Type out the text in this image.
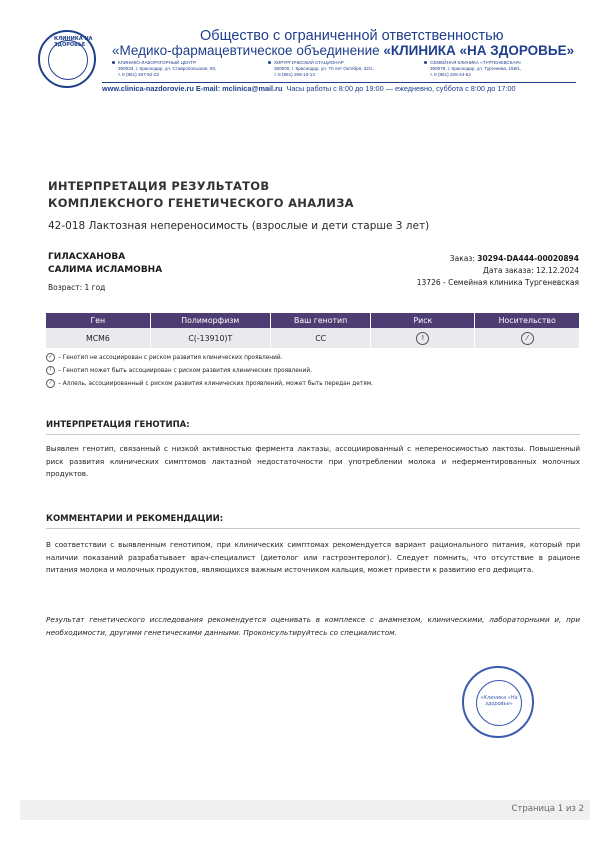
КЛИНИКА НА ЗДОРОВЬЕ
Общество с ограниченной ответственностью
«Медико-фармацевтическое объединение «КЛИНИКА «НА ЗДОРОВЬЕ»
КЛИНИКО-ЛАБОРАТОРНЫЙ ЦЕНТР
350033, г. Краснодар, ул. Ставропольская, 80,
т. 8 (861) 267-92-22
ХИРУРГИЧЕСКИЙ СТАЦИОНАР
350000, г. Краснодар, ул. 70 лет Октября, 32/1,
т. 8 (861) 268-10-13
СЕМЕЙНАЯ КЛИНИКА «ТУРГЕНЕВСКАЯ»
350078, г. Краснодар, ул. Тургенева, 158/1,
т. 8 (861) 225-44-62
www.clinica-nazdorovie.ru E-mail: mclinica@mail.ru Часы работы с 8:00 до 19:00 — ежедневно, суббота с 8:00 до 17:00
ИНТЕРПРЕТАЦИЯ РЕЗУЛЬТАТОВ
КОМПЛЕКСНОГО ГЕНЕТИЧЕСКОГО АНАЛИЗА
42-018 Лактозная непереносимость (взрослые и дети старше 3 лет)
ГИЛАСХАНОВА
САЛИМА ИСЛАМОВНА
Возраст: 1 год
Заказ: 30294-DA444-00020894
Дата заказа: 12.12.2024
13726 - Семейная клиника Тургеневская
Ген	Полиморфизм	Ваш генотип	Риск	Носительство
MCM6	C(-13910)T	CC	!	⁄
✓ – Генотип не ассоциирован с риском развития клинических проявлений.
! – Генотип может быть ассоциирован с риском развития клинических проявлений.
⁄ – Аллель, ассоциированный с риском развития клинических проявлений, может быть передан детям.
ИНТЕРПРЕТАЦИЯ ГЕНОТИПА:
Выявлен генотип, связанный с низкой активностью фермента лактазы, ассоциированный с непереносимостью лактозы. Повышенный риск развития клинических симптомов лактазной недостаточности при употреблении молока и неферментированных молочных продуктов.
КОММЕНТАРИИ И РЕКОМЕНДАЦИИ:
В соответствии с выявленным генотипом, при клинических симптомах рекомендуется вариант рационального питания, который при наличии показаний разрабатывает врач-специалист (диетолог или гастроэнтеролог). Следует помнить, что отсутствие в рационе питания молока и молочных продуктов, являющихся важным источником кальция, может привести к развитию его дефицита.
Результат генетического исследования рекомендуется оценивать в комплексе с анамнезом, клиническими, лабораторными и, при необходимости, другими генетическими данными. Проконсультируйтесь со специалистом.
«Клиника «На здоровье»
Страница 1 из 2
